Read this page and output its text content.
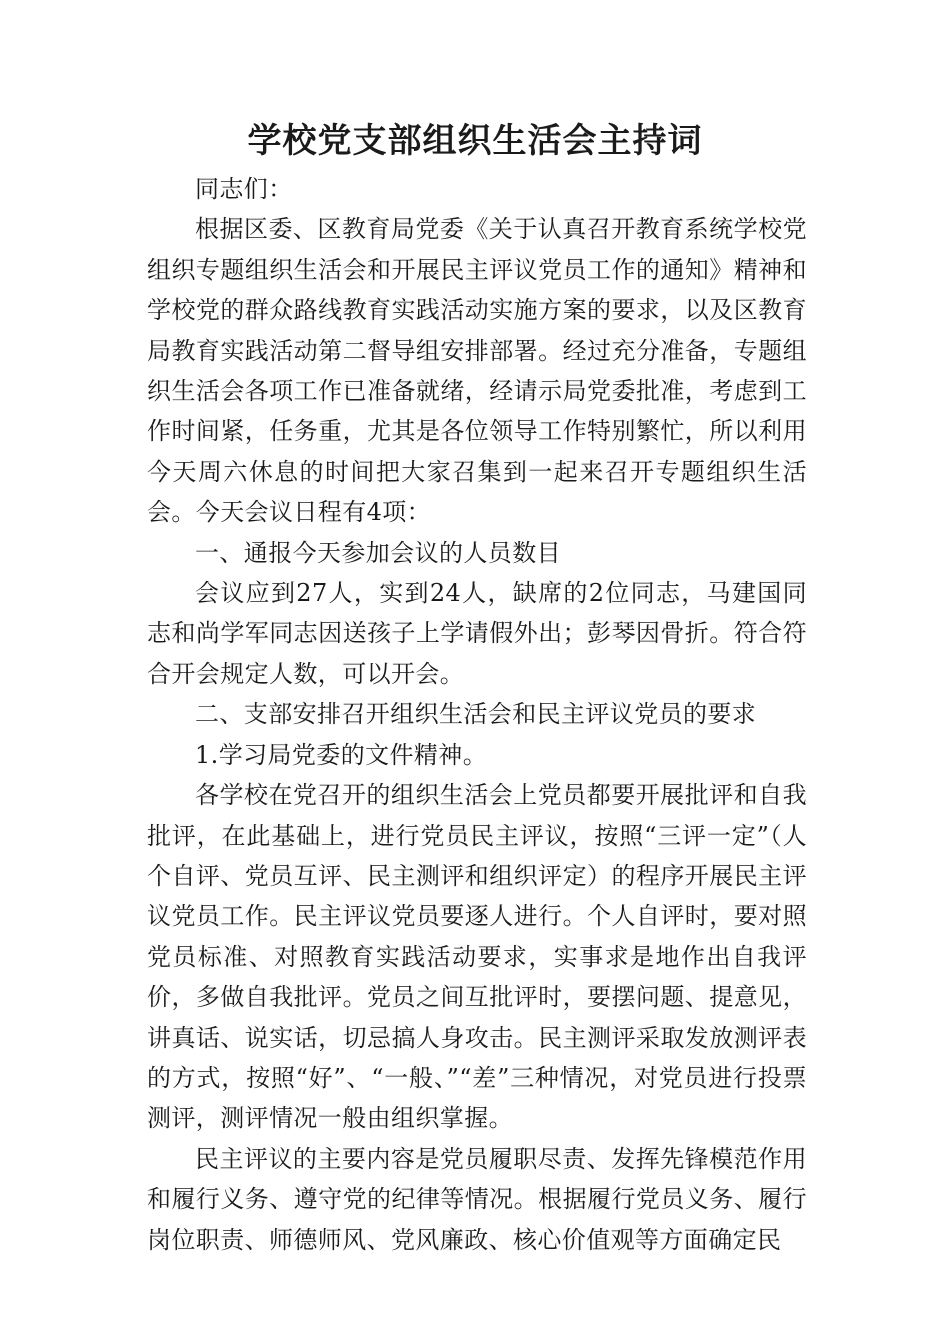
学校党支部组织生活会主持词

同志们：

根据区委、区教育局党委《关于认真召开教育系统学校党组织专题组织生活会和开展民主评议党员工作的通知》精神和学校党的群众路线教育实践活动实施方案的要求，以及区教育局教育实践活动第二督导组安排部署。经过充分准备，专题组织生活会各项工作已准备就绪，经请示局党委批准，考虑到工作时间紧，任务重，尤其是各位领导工作特别繁忙，所以利用今天周六休息的时间把大家召集到一起来召开专题组织生活会。今天会议日程有4项：

一、通报今天参加会议的人员数目

会议应到27人，实到24人，缺席的2位同志，马建国同志和尚学军同志因送孩子上学请假外出；彭琴因骨折。符合符合开会规定人数，可以开会。

二、支部安排召开组织生活会和民主评议党员的要求

1.学习局党委的文件精神。

各学校在党召开的组织生活会上党员都要开展批评和自我批评，在此基础上，进行党员民主评议，按照“三评一定”（人个自评、党员互评、民主测评和组织评定）的程序开展民主评议党员工作。民主评议党员要逐人进行。个人自评时，要对照党员标准、对照教育实践活动要求，实事求是地作出自我评价，多做自我批评。党员之间互批评时，要摆问题、提意见，讲真话、说实话，切忌搞人身攻击。民主测评采取发放测评表的方式，按照“好”、“一般、”“差”三种情况，对党员进行投票测评，测评情况一般由组织掌握。

民主评议的主要内容是党员履职尽责、发挥先锋模范作用和履行义务、遵守党的纪律等情况。根据履行党员义务、履行岗位职责、师德师风、党风廉政、核心价值观等方面确定民
